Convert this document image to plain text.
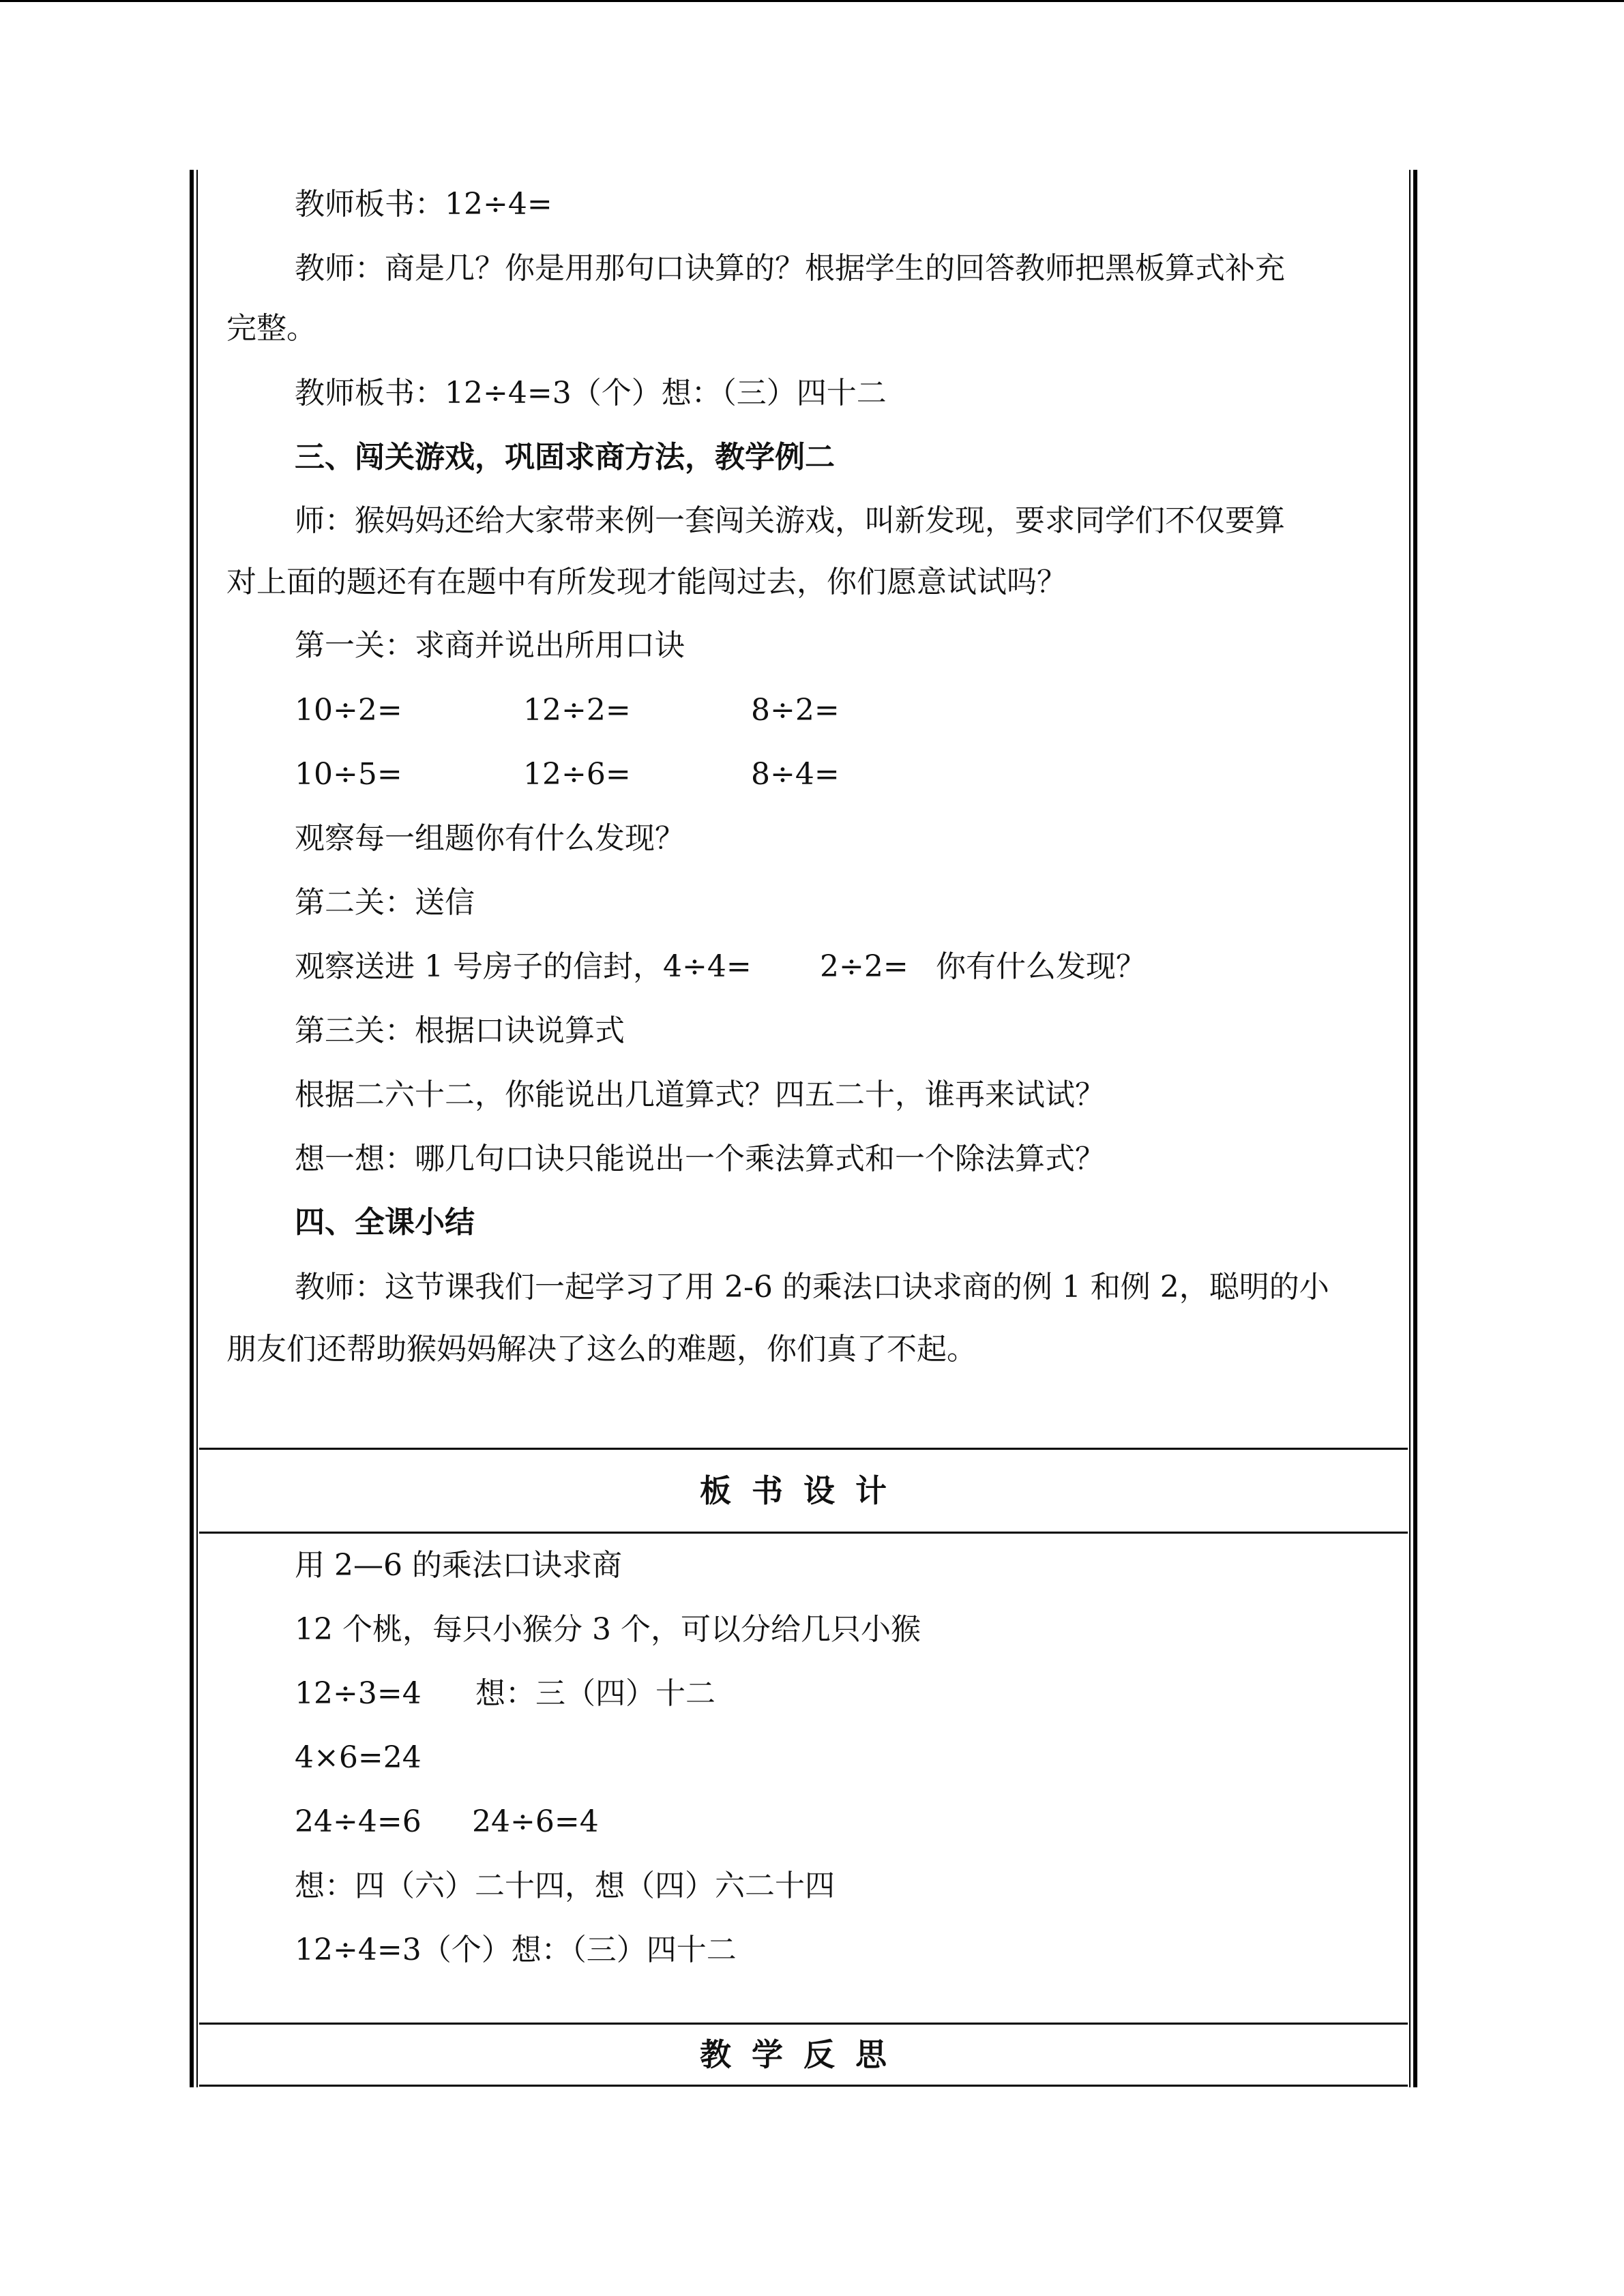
教师板书：12÷4=
教师：商是几？你是用那句口诀算的？根据学生的回答教师把黑板算式补充
完整。
教师板书：12÷4=3（个）想：（三）四十二
三、闯关游戏，巩固求商方法，教学例二
师：猴妈妈还给大家带来例一套闯关游戏，叫新发现，要求同学们不仅要算
对上面的题还有在题中有所发现才能闯过去，你们愿意试试吗？
第一关：求商并说出所用口诀
10÷2=	12÷2=	8÷2=
10÷5=	12÷6=	8÷4=
观察每一组题你有什么发现？
第二关：送信
观察送进 1 号房子的信封，4÷4= 2÷2= 你有什么发现？
第三关：根据口诀说算式
根据二六十二，你能说出几道算式？四五二十，谁再来试试？
想一想：哪几句口诀只能说出一个乘法算式和一个除法算式？
四、全课小结
教师：这节课我们一起学习了用 2-6 的乘法口诀求商的例 1 和例 2，聪明的小
朋友们还帮助猴妈妈解决了这么的难题，你们真了不起。
板书设计
用 2—6 的乘法口诀求商
12 个桃，每只小猴分 3 个，可以分给几只小猴
12÷3=4 想：三（四）十二
4×6=24
24÷4=6 24÷6=4
想：四（六）二十四，想（四）六二十四
12÷4=3（个）想：（三）四十二
教学反思
